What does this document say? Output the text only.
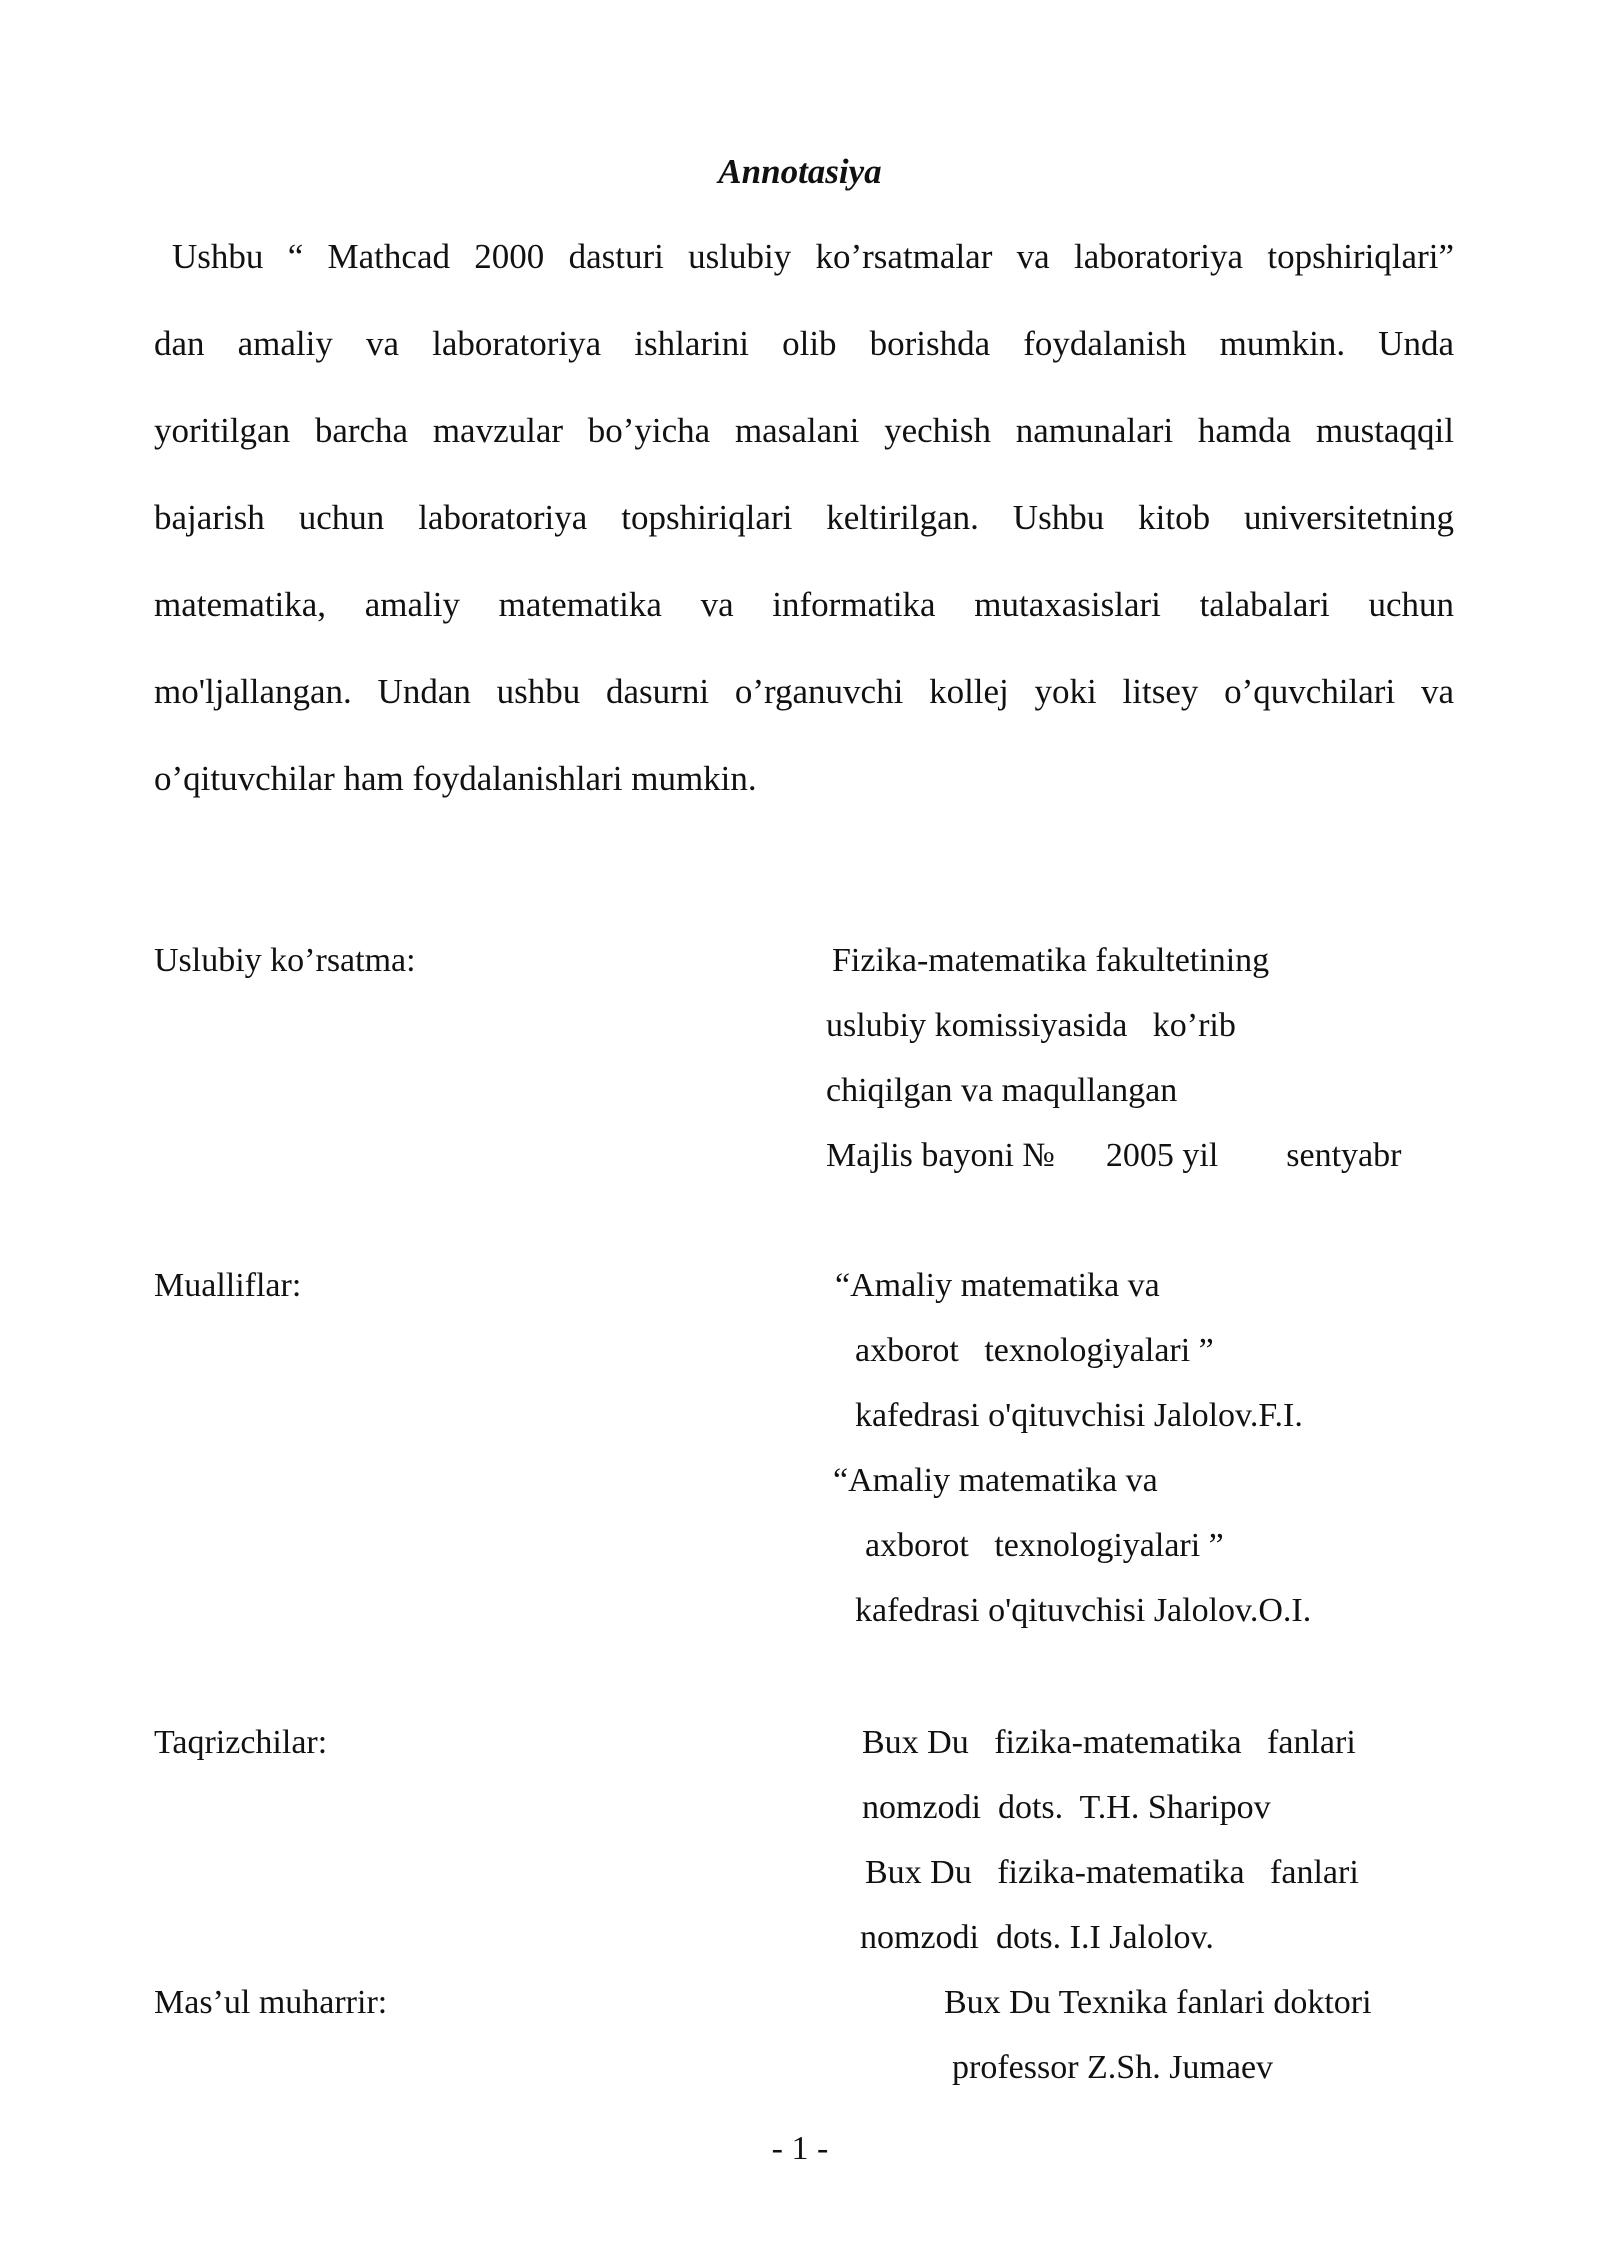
Annotasiya
Ushbu “ Mathcad 2000 dasturi uslubiy ko’rsatmalar va laboratoriya topshiriqlari”
dan amaliy va laboratoriya ishlarini olib borishda foydalanish mumkin. Unda
yoritilgan barcha mavzular bo’yicha masalani yechish namunalari hamda mustaqqil
bajarish uchun laboratoriya topshiriqlari keltirilgan. Ushbu kitob universitetning
matematika, amaliy matematika va informatika mutaxasislari talabalari uchun
mo'ljallangan. Undan ushbu dasurni o’rganuvchi kollej yoki litsey o’quvchilari va
o’qituvchilar ham foydalanishlari mumkin.
Uslubiy ko’rsatma:	Fizika-matematika fakultetining
uslubiy komissiyasida   ko’rib
chiqilgan va maqullangan
Majlis bayoni №      2005 yil        sentyabr
Mualliflar:	“Amaliy matematika va
axborot   texnologiyalari ”
kafedrasi o'qituvchisi Jalolov.F.I.
“Amaliy matematika va
axborot   texnologiyalari ”
kafedrasi o'qituvchisi Jalolov.O.I.
Taqrizchilar:	Bux Du   fizika-matematika   fanlari
nomzodi  dots.  T.H. Sharipov
Bux Du   fizika-matematika   fanlari
nomzodi  dots. I.I Jalolov.
Mas’ul muharrir:	Bux Du Texnika fanlari doktori
professor Z.Sh. Jumaev
- 1 -
